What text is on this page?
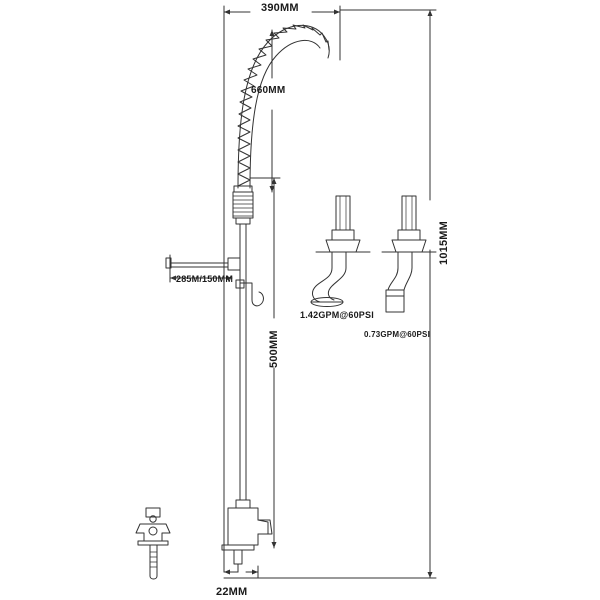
390MM
1015MM
660MM
500MM
285M/150MM
22MM
1.42GPM@60PSI
0.73GPM@60PSI
